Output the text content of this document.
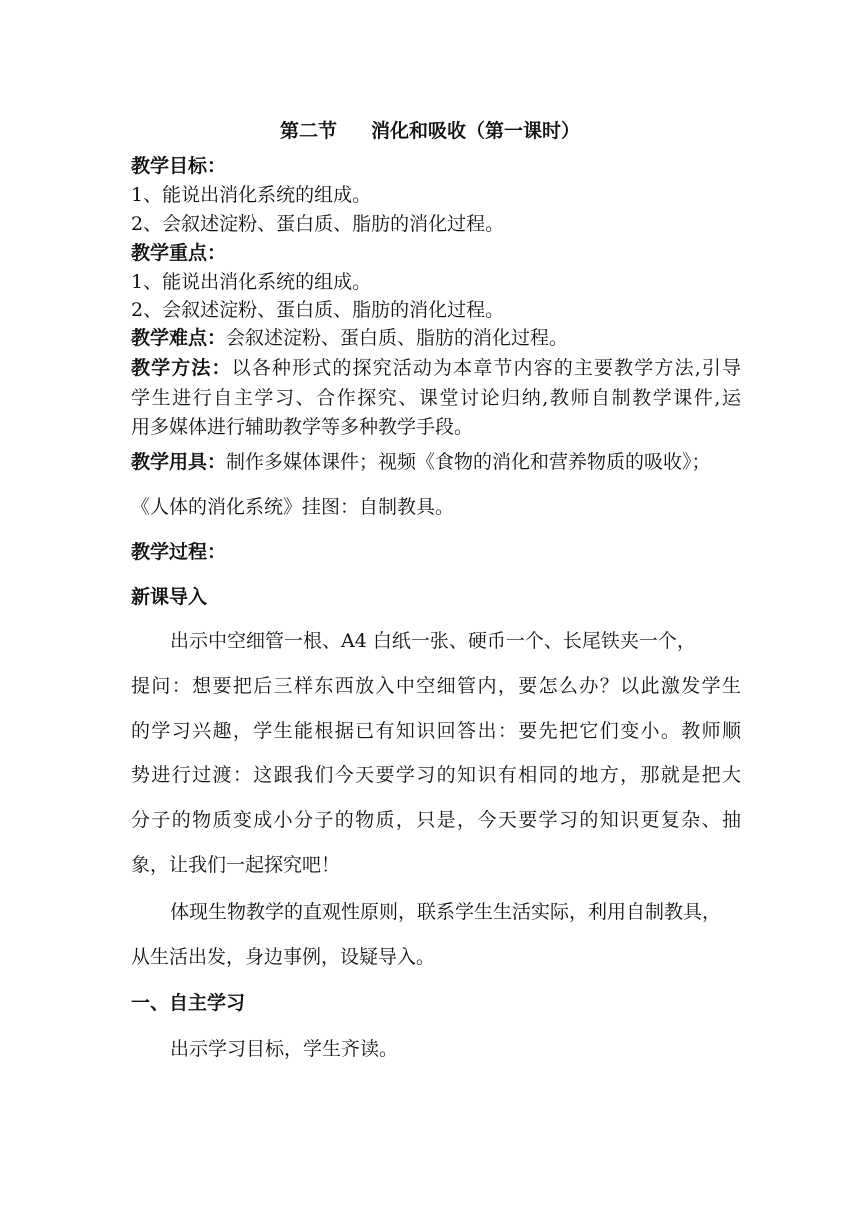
第二节 消化和吸收（第一课时）
教学目标：
1、能说出消化系统的组成。
2、会叙述淀粉、蛋白质、脂肪的消化过程。
教学重点：
1、能说出消化系统的组成。
2、会叙述淀粉、蛋白质、脂肪的消化过程。
教学难点：会叙述淀粉、蛋白质、脂肪的消化过程。
教学方法：以各种形式的探究活动为本章节内容的主要教学方法,引导
学生进行自主学习、合作探究、课堂讨论归纳,教师自制教学课件,运
用多媒体进行辅助教学等多种教学手段。
教学用具：制作多媒体课件；视频《食物的消化和营养物质的吸收》；
《人体的消化系统》挂图：自制教具。
教学过程：
新课导入
出示中空细管一根、A4 白纸一张、硬币一个、长尾铁夹一个，
提问：想要把后三样东西放入中空细管内，要怎么办？以此激发学生
的学习兴趣，学生能根据已有知识回答出：要先把它们变小。教师顺
势进行过渡：这跟我们今天要学习的知识有相同的地方，那就是把大
分子的物质变成小分子的物质，只是，今天要学习的知识更复杂、抽
象，让我们一起探究吧！
体现生物教学的直观性原则，联系学生生活实际，利用自制教具，
从生活出发，身边事例，设疑导入。
一、自主学习
出示学习目标，学生齐读。
